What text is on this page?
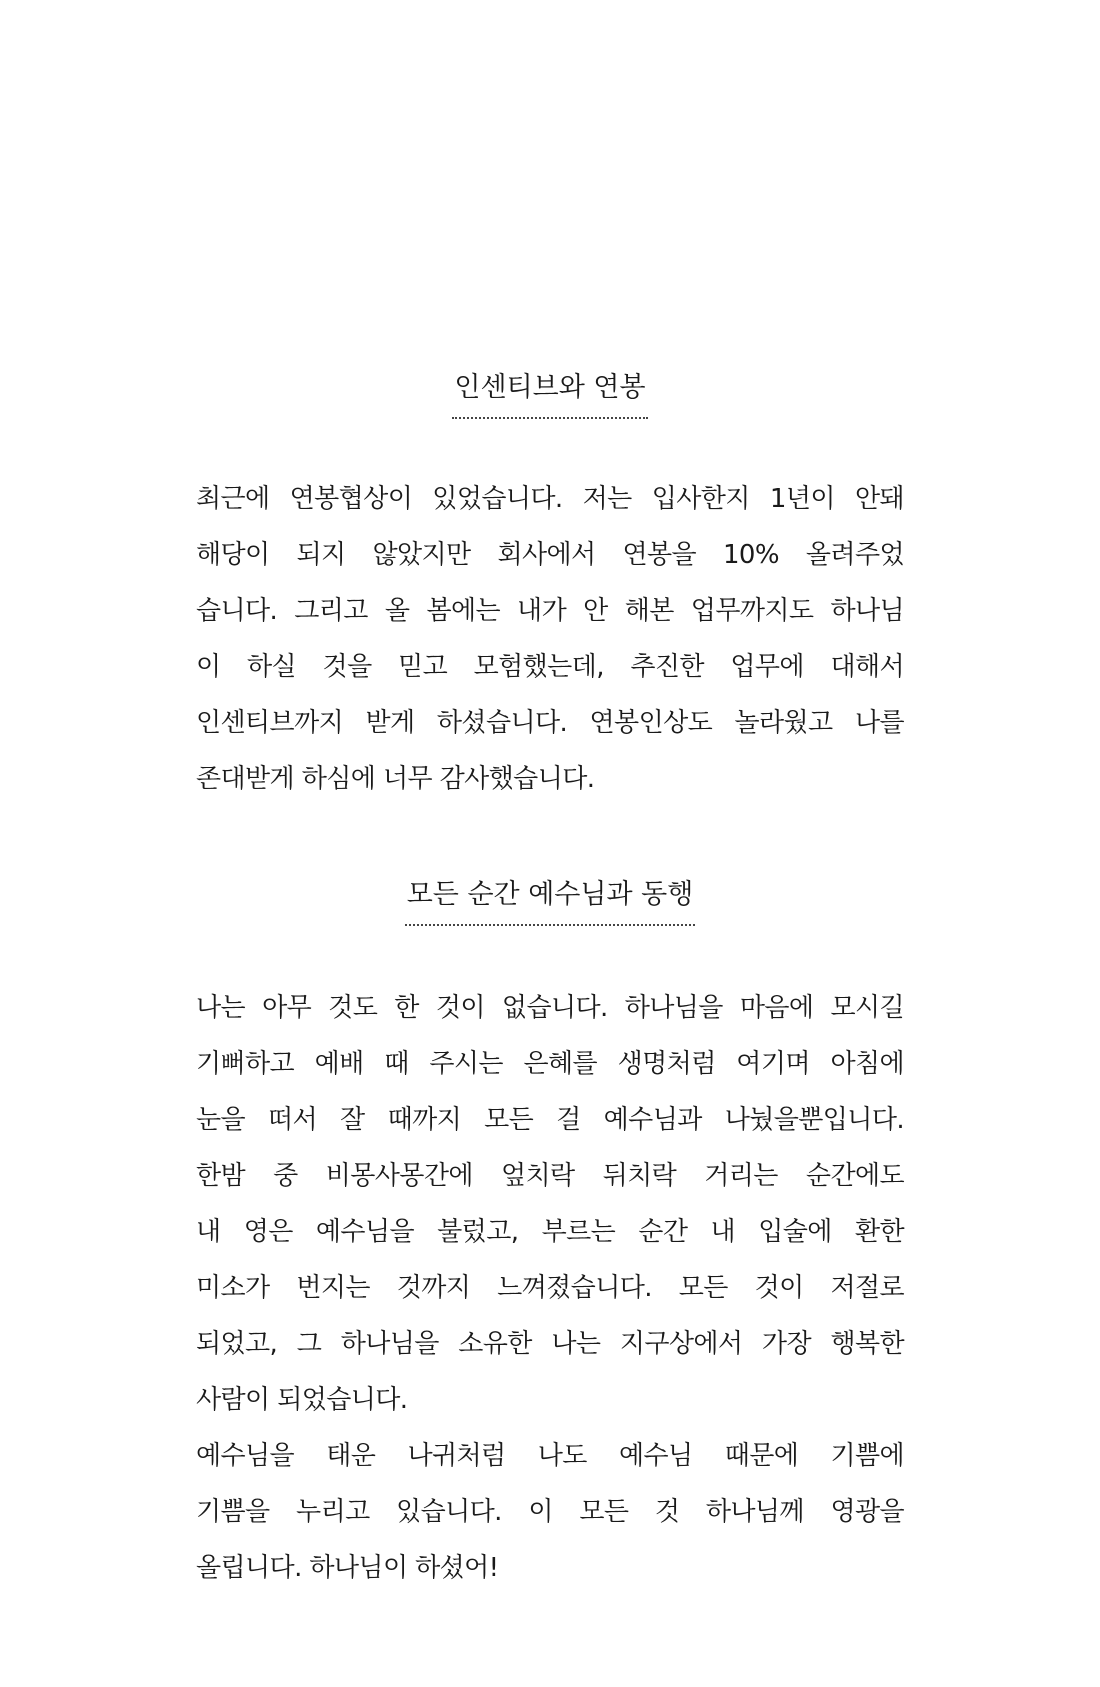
인센티브와 연봉
최근에 연봉협상이 있었습니다. 저는 입사한지 1년이 안돼
해당이 되지 않았지만 회사에서 연봉을 10% 올려주었
습니다. 그리고 올 봄에는 내가 안 해본 업무까지도 하나님
이 하실 것을 믿고 모험했는데, 추진한 업무에 대해서
인센티브까지 받게 하셨습니다. 연봉인상도 놀라웠고 나를
존대받게 하심에 너무 감사했습니다.
모든 순간 예수님과 동행
나는 아무 것도 한 것이 없습니다. 하나님을 마음에 모시길
기뻐하고 예배 때 주시는 은혜를 생명처럼 여기며 아침에
눈을 떠서 잘 때까지 모든 걸 예수님과 나눴을뿐입니다.
한밤 중 비몽사몽간에 엎치락 뒤치락 거리는 순간에도
내 영은 예수님을 불렀고, 부르는 순간 내 입술에 환한
미소가 번지는 것까지 느껴졌습니다. 모든 것이 저절로
되었고, 그 하나님을 소유한 나는 지구상에서 가장 행복한
사람이 되었습니다.
예수님을 태운 나귀처럼 나도 예수님 때문에 기쁨에
기쁨을 누리고 있습니다. 이 모든 것 하나님께 영광을
올립니다. 하나님이 하셨어!
